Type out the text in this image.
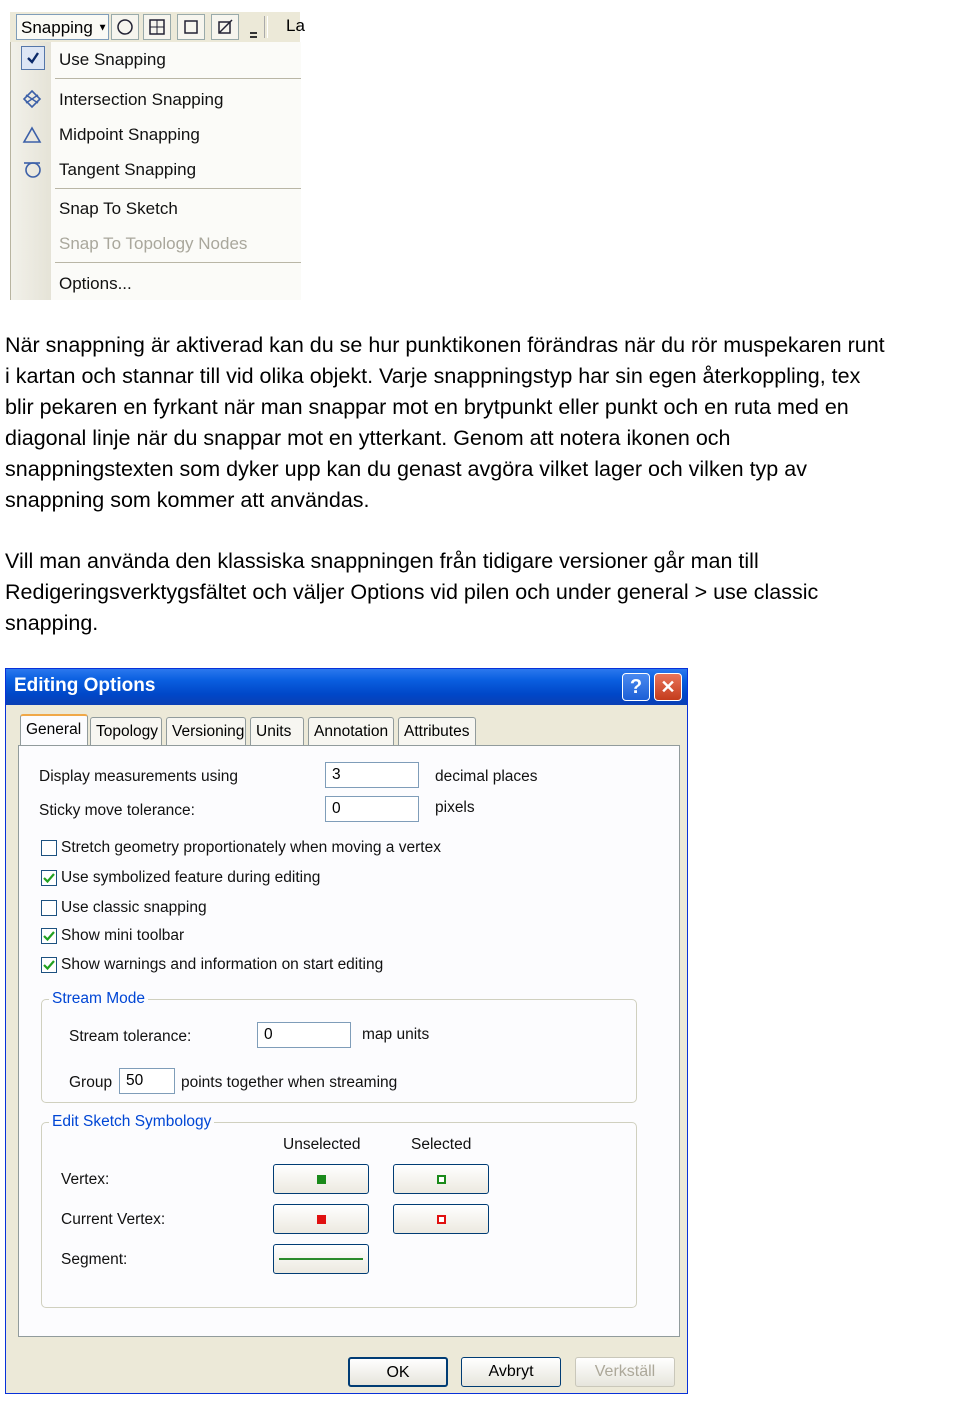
Snapping ▼	La
Use Snapping
Intersection Snapping
Midpoint Snapping
Tangent Snapping
Snap To Sketch
Snap To Topology Nodes
Options...
När snappning är aktiverad kan du se hur punktikonen förändras när du rör muspekaren runt
i kartan och stannar till vid olika objekt. Varje snappningstyp har sin egen återkoppling, tex
blir pekaren en fyrkant när man snappar mot en brytpunkt eller punkt och en ruta med en
diagonal linje när du snappar mot en ytterkant. Genom att notera ikonen och
snappningstexten som dyker upp kan du genast avgöra vilket lager och vilken typ av
snappning som kommer att användas.
Vill man använda den klassiska snappningen från tidigare versioner går man till
Redigeringsverktygsfältet och väljer Options vid pilen och under general > use classic
snapping.
Editing Options	? ✕
General Topology Versioning Units	Annotation	Attributes
Display measurements using	3	decimal places
Sticky move tolerance:	0	pixels
Stretch geometry proportionately when moving a vertex
Use symbolized feature during editing
Use classic snapping
Show mini toolbar
Show warnings and information on start editing
Stream Mode
Stream tolerance:	0	map units
Group 50	points together when streaming
Edit Sketch Symbology
Unselected	Selected
Vertex:
Current Vertex:
Segment:
OK	Avbryt	Verkställ
